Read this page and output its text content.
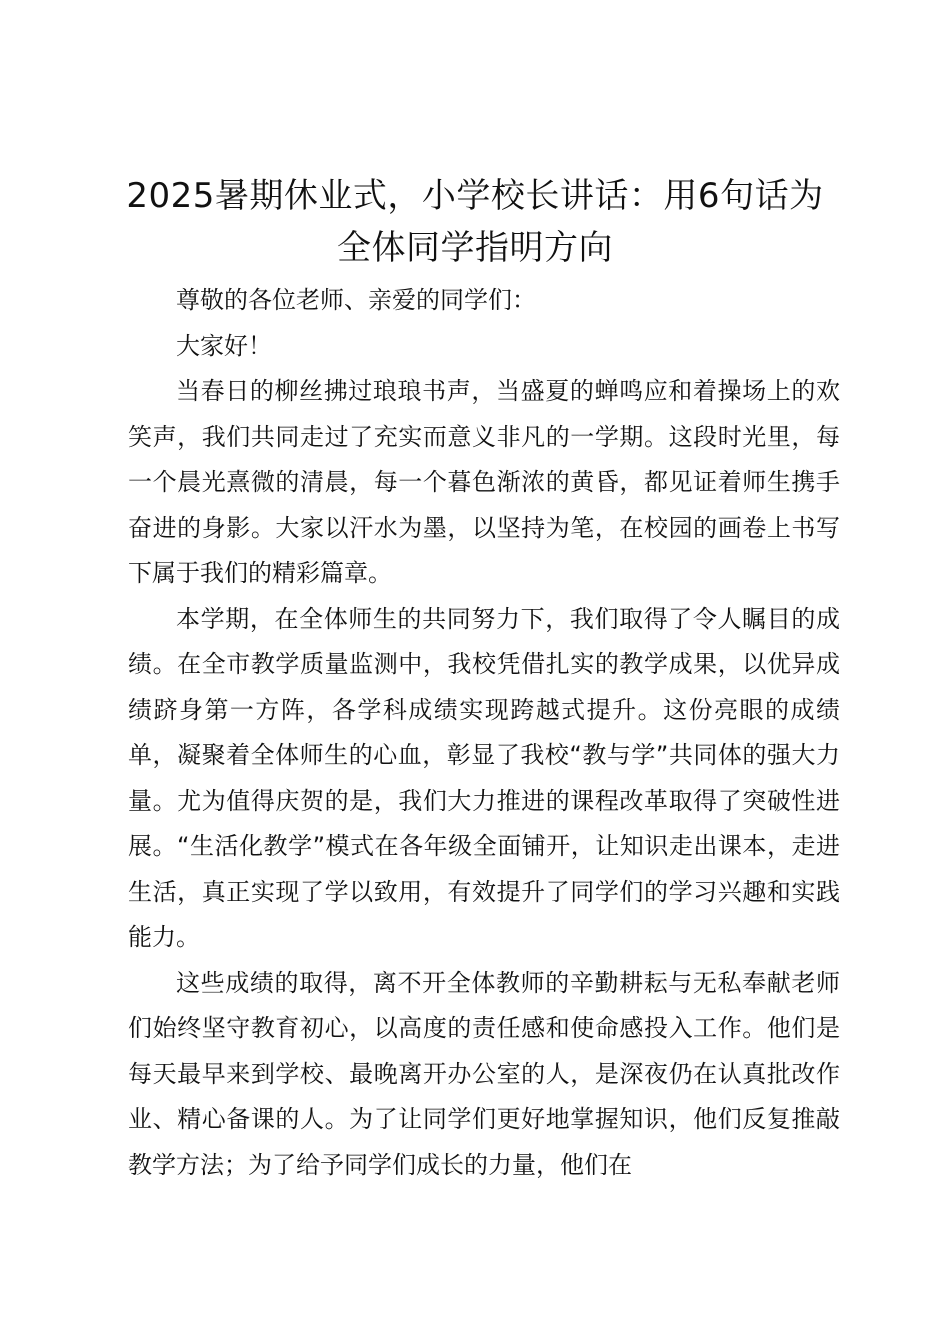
2025暑期休业式，小学校长讲话：用6句话为全体同学指明方向

尊敬的各位老师、亲爱的同学们：

大家好！

当春日的柳丝拂过琅琅书声，当盛夏的蝉鸣应和着操场上的欢笑声，我们共同走过了充实而意义非凡的一学期。这段时光里，每一个晨光熹微的清晨，每一个暮色渐浓的黄昏，都见证着师生携手奋进的身影。大家以汗水为墨，以坚持为笔，在校园的画卷上书写下属于我们的精彩篇章。

本学期，在全体师生的共同努力下，我们取得了令人瞩目的成绩。在全市教学质量监测中，我校凭借扎实的教学成果，以优异成绩跻身第一方阵，各学科成绩实现跨越式提升。这份亮眼的成绩单，凝聚着全体师生的心血，彰显了我校“教与学”共同体的强大力量。尤为值得庆贺的是，我们大力推进的课程改革取得了突破性进展。“生活化教学”模式在各年级全面铺开，让知识走出课本，走进生活，真正实现了学以致用，有效提升了同学们的学习兴趣和实践能力。

这些成绩的取得，离不开全体教师的辛勤耕耘与无私奉献老师们始终坚守教育初心，以高度的责任感和使命感投入工作。他们是每天最早来到学校、最晚离开办公室的人，是深夜仍在认真批改作业、精心备课的人。为了让同学们更好地掌握知识，他们反复推敲教学方法；为了给予同学们成长的力量，他们在
